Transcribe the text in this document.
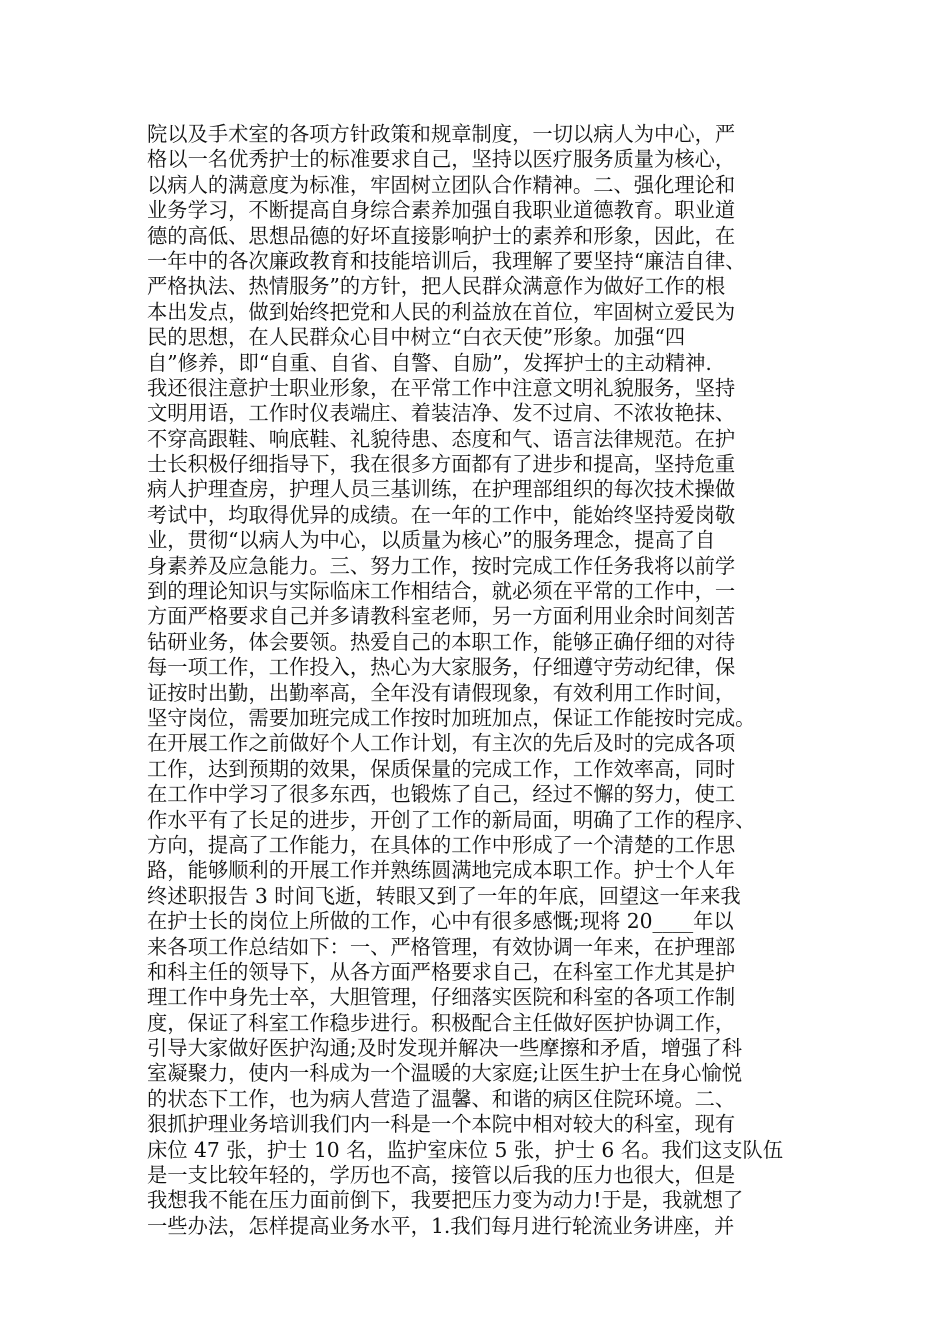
院以及手术室的各项方针政策和规章制度，一切以病人为中心，严
格以一名优秀护士的标准要求自己，坚持以医疗服务质量为核心，
以病人的满意度为标准，牢固树立团队合作精神。二、强化理论和
业务学习，不断提高自身综合素养加强自我职业道德教育。职业道
德的高低、思想品德的好坏直接影响护士的素养和形象，因此，在
一年中的各次廉政教育和技能培训后，我理解了要坚持“廉洁自律、
严格执法、热情服务”的方针，把人民群众满意作为做好工作的根
本出发点，做到始终把党和人民的利益放在首位，牢固树立爱民为
民的思想，在人民群众心目中树立“白衣天使”形象。加强“四
自”修养，即“自重、自省、自警、自励”，发挥护士的主动精神.
我还很注意护士职业形象，在平常工作中注意文明礼貌服务，坚持
文明用语，工作时仪表端庄、着装洁净、发不过肩、不浓妆艳抹、
不穿高跟鞋、响底鞋、礼貌待患、态度和气、语言法律规范。在护
士长积极仔细指导下，我在很多方面都有了进步和提高，坚持危重
病人护理查房，护理人员三基训练，在护理部组织的每次技术操做
考试中，均取得优异的成绩。在一年的工作中，能始终坚持爱岗敬
业，贯彻“以病人为中心，以质量为核心”的服务理念，提高了自
身素养及应急能力。三、努力工作，按时完成工作任务我将以前学
到的理论知识与实际临床工作相结合，就必须在平常的工作中，一
方面严格要求自己并多请教科室老师，另一方面利用业余时间刻苦
钻研业务，体会要领。热爱自己的本职工作，能够正确仔细的对待
每一项工作，工作投入，热心为大家服务，仔细遵守劳动纪律，保
证按时出勤，出勤率高，全年没有请假现象，有效利用工作时间，
坚守岗位，需要加班完成工作按时加班加点，保证工作能按时完成。
在开展工作之前做好个人工作计划，有主次的先后及时的完成各项
工作，达到预期的效果，保质保量的完成工作，工作效率高，同时
在工作中学习了很多东西，也锻炼了自己，经过不懈的努力，使工
作水平有了长足的进步，开创了工作的新局面，明确了工作的程序、
方向，提高了工作能力，在具体的工作中形成了一个清楚的工作思
路，能够顺利的开展工作并熟练圆满地完成本职工作。护士个人年
终述职报告 3 时间飞逝，转眼又到了一年的年底，回望这一年来我
在护士长的岗位上所做的工作，心中有很多感慨;现将 20____年以
来各项工作总结如下：一、严格管理，有效协调一年来，在护理部
和科主任的领导下，从各方面严格要求自己，在科室工作尤其是护
理工作中身先士卒，大胆管理，仔细落实医院和科室的各项工作制
度，保证了科室工作稳步进行。积极配合主任做好医护协调工作，
引导大家做好医护沟通;及时发现并解决一些摩擦和矛盾，增强了科
室凝聚力，使内一科成为一个温暖的大家庭;让医生护士在身心愉悦
的状态下工作，也为病人营造了温馨、和谐的病区住院环境。二、
狠抓护理业务培训我们内一科是一个本院中相对较大的科室，现有
床位 47 张，护士 10 名，监护室床位 5 张，护士 6 名。我们这支队伍
是一支比较年轻的，学历也不高，接管以后我的压力也很大，但是
我想我不能在压力面前倒下，我要把压力变为动力!于是，我就想了
一些办法，怎样提高业务水平，1.我们每月进行轮流业务讲座，并
